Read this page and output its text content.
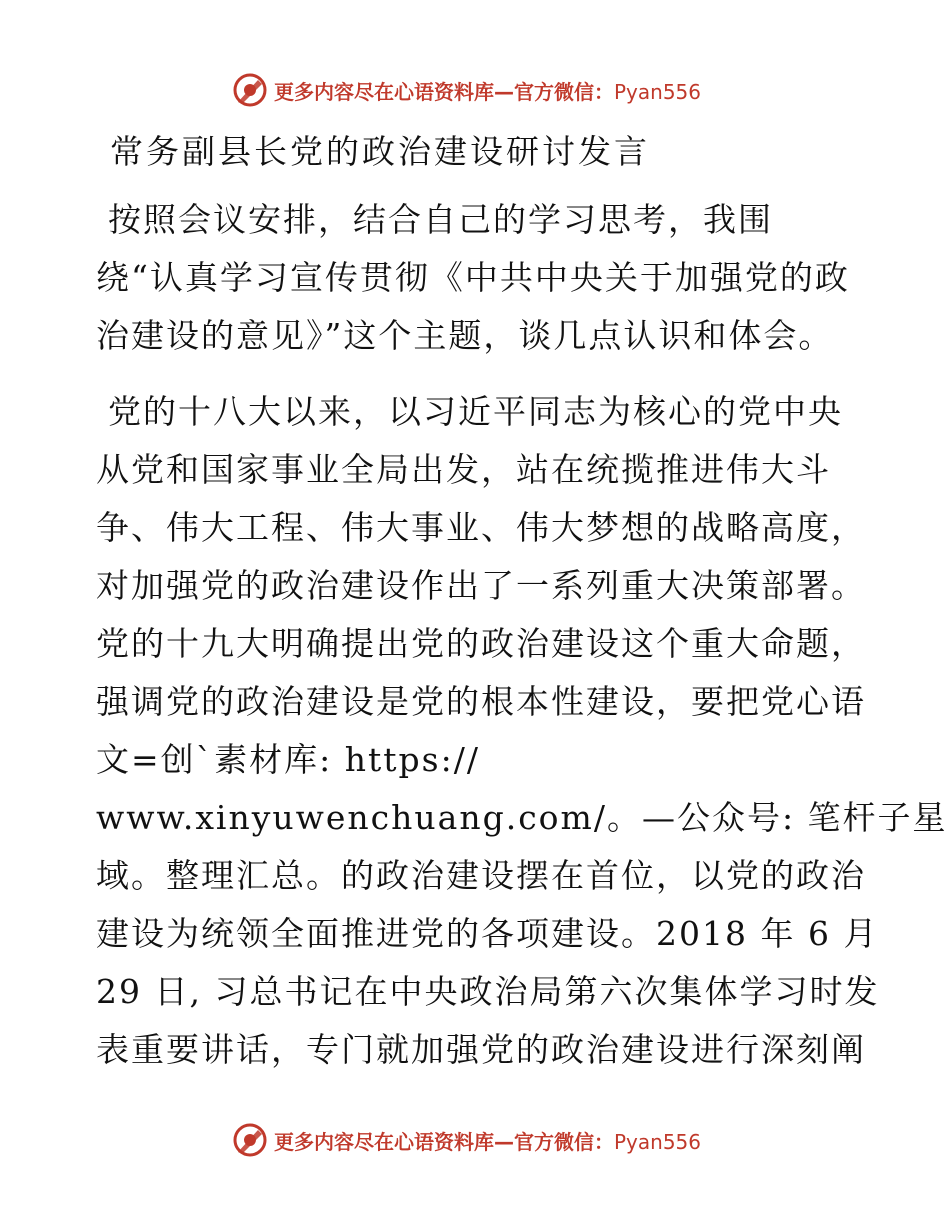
更多内容尽在心语资料库—官方微信：Pyan556
常务副县长党的政治建设研讨发言
按照会议安排，结合自己的学习思考，我围
绕“认真学习宣传贯彻《中共中央关于加强党的政
治建设的意见》”这个主题，谈几点认识和体会。
党的十八大以来，以习近平同志为核心的党中央
从党和国家事业全局出发，站在统揽推进伟大斗
争、伟大工程、伟大事业、伟大梦想的战略高度，
对加强党的政治建设作出了一系列重大决策部署。
党的十九大明确提出党的政治建设这个重大命题，
强调党的政治建设是党的根本性建设，要把党心语
文=创`素材库: https://
www.xinyuwenchuang.com/。—公众号: 笔杆子星
域。整理汇总。的政治建设摆在首位，以党的政治
建设为统领全面推进党的各项建设。2018 年 6 月
29 日, 习总书记在中央政治局第六次集体学习时发
表重要讲话，专门就加强党的政治建设进行深刻阐
更多内容尽在心语资料库—官方微信：Pyan556
